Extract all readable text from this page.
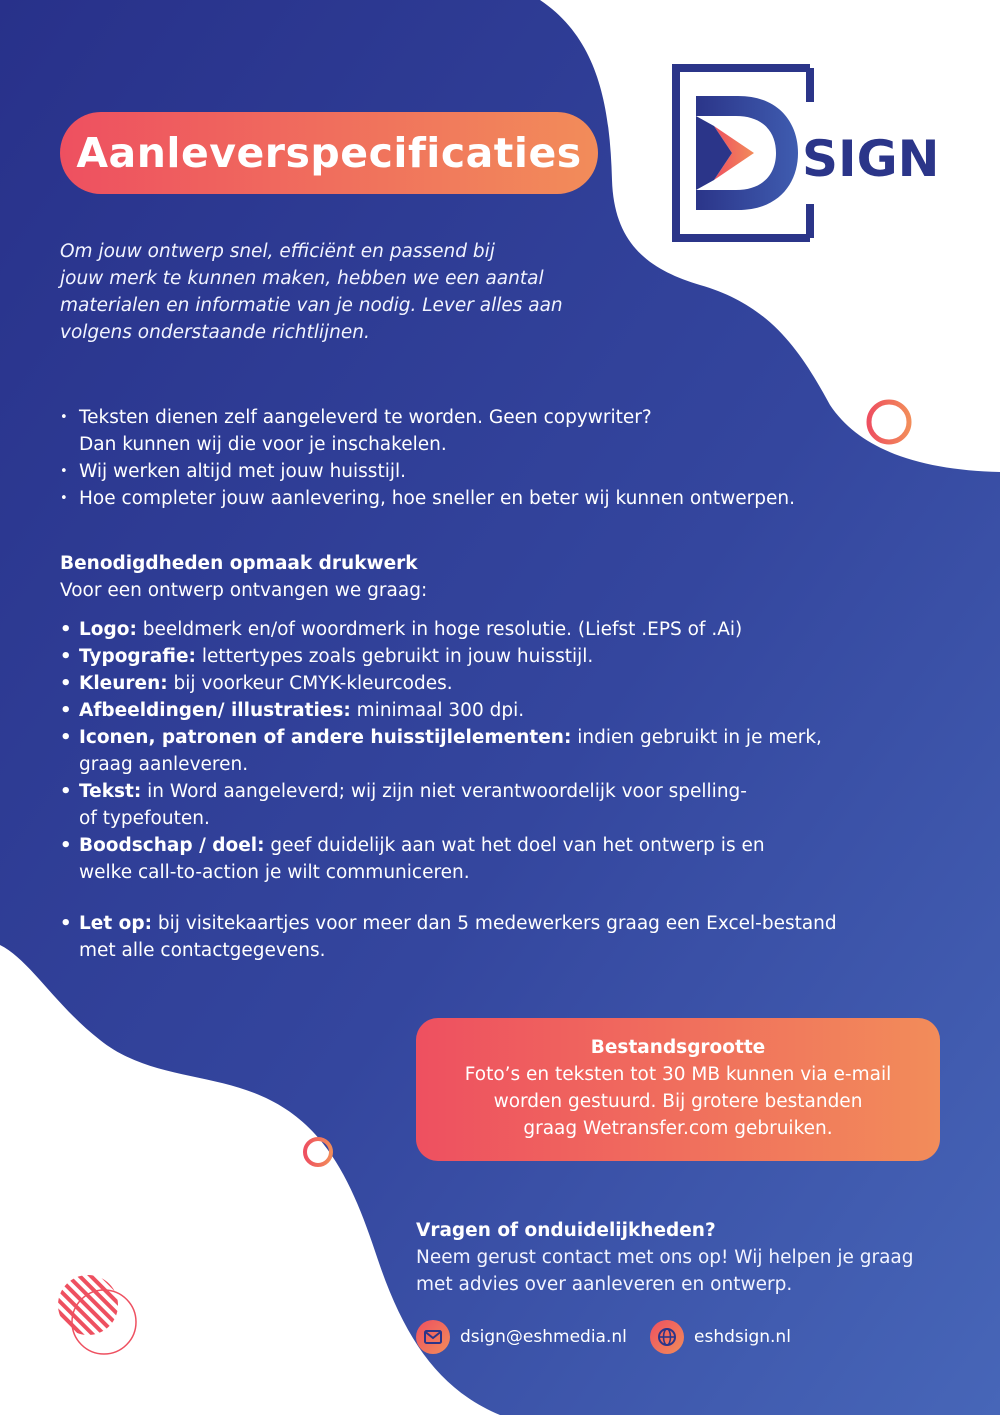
SIGN
Aanleverspecificaties

Om jouw ontwerp snel, efficiënt en passend bij

jouw merk te kunnen maken, hebben we een aantal

materialen en informatie van je nodig. Lever alles aan

volgens onderstaande richtlijnen.

• Teksten dienen zelf aangeleverd te worden. Geen copywriter?
Dan kunnen wij die voor je inschakelen.
• Wij werken altijd met jouw huisstijl.
• Hoe completer jouw aanlevering, hoe sneller en beter wij kunnen ontwerpen.
Benodigdheden opmaak drukwerk
Voor een ontwerp ontvangen we graag:
• Logo: beeldmerk en/of woordmerk in hoge resolutie. (Liefst .EPS of .Ai)
• Typografie: lettertypes zoals gebruikt in jouw huisstijl.
• Kleuren: bij voorkeur CMYK-kleurcodes.
• Afbeeldingen/ illustraties: minimaal 300 dpi.
• Iconen, patronen of andere huisstijlelementen: indien gebruikt in je merk,
graag aanleveren.
• Tekst: in Word aangeleverd; wij zijn niet verantwoordelijk voor spelling-
of typefouten.
• Boodschap / doel: geef duidelijk aan wat het doel van het ontwerp is en
welke call-to-action je wilt communiceren.
• Let op: bij visitekaartjes voor meer dan 5 medewerkers graag een Excel-bestand
met alle contactgegevens.
Bestandsgrootte
Foto’s en teksten tot 30 MB kunnen via e-mail
worden gestuurd. Bij grotere bestanden
graag Wetransfer.com gebruiken.
Vragen of onduidelijkheden?
Neem gerust contact met ons op! Wij helpen je graag
met advies over aanleveren en ontwerp.
dsign@eshmedia.nl	eshdsign.nl
